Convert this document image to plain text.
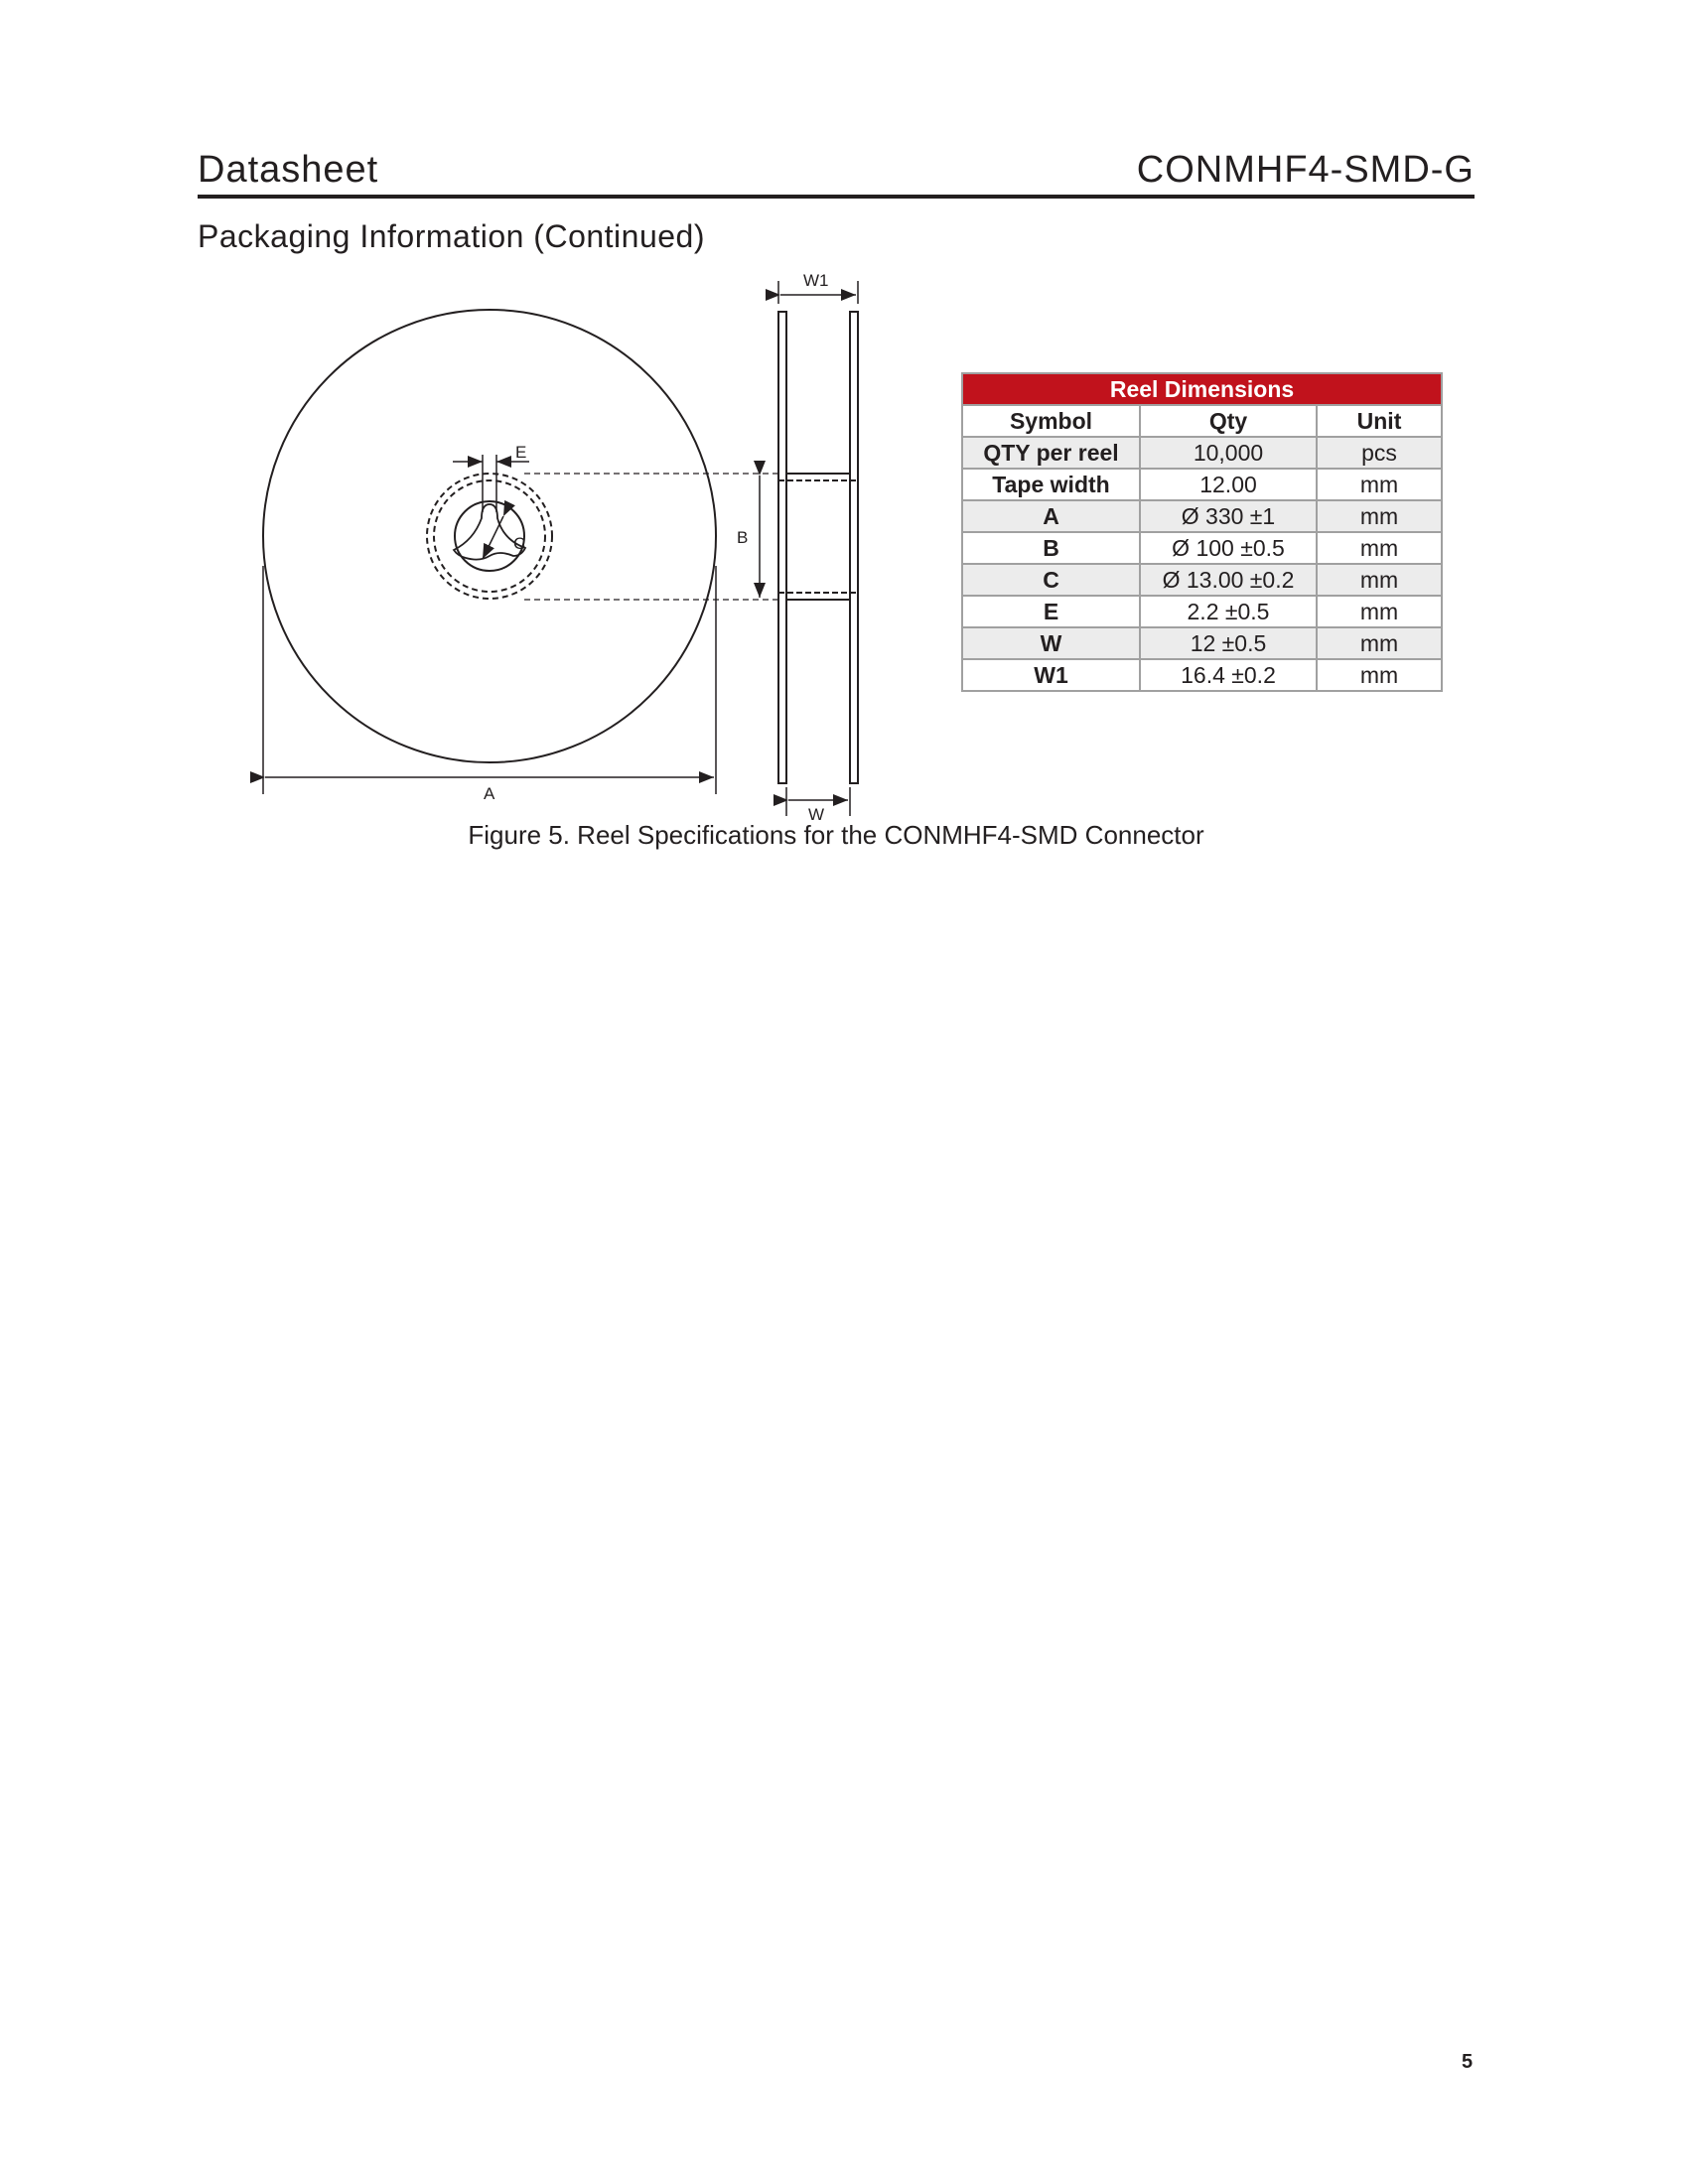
Datasheet	CONMHF4-SMD-G
Packaging Information (Continued)
C
E
B
A
W1
W
Reel Dimensions		
Symbol	Qty	Unit
QTY per reel	10,000	pcs
Tape width	12.00	mm
A	Ø 330 ±1	mm
B	Ø 100 ±0.5	mm
C	Ø 13.00 ±0.2	mm
E	2.2 ±0.5	mm
W	12 ±0.5	mm
W1	16.4 ±0.2	mm
Figure 5. Reel Specifications for the CONMHF4-SMD Connector
5
